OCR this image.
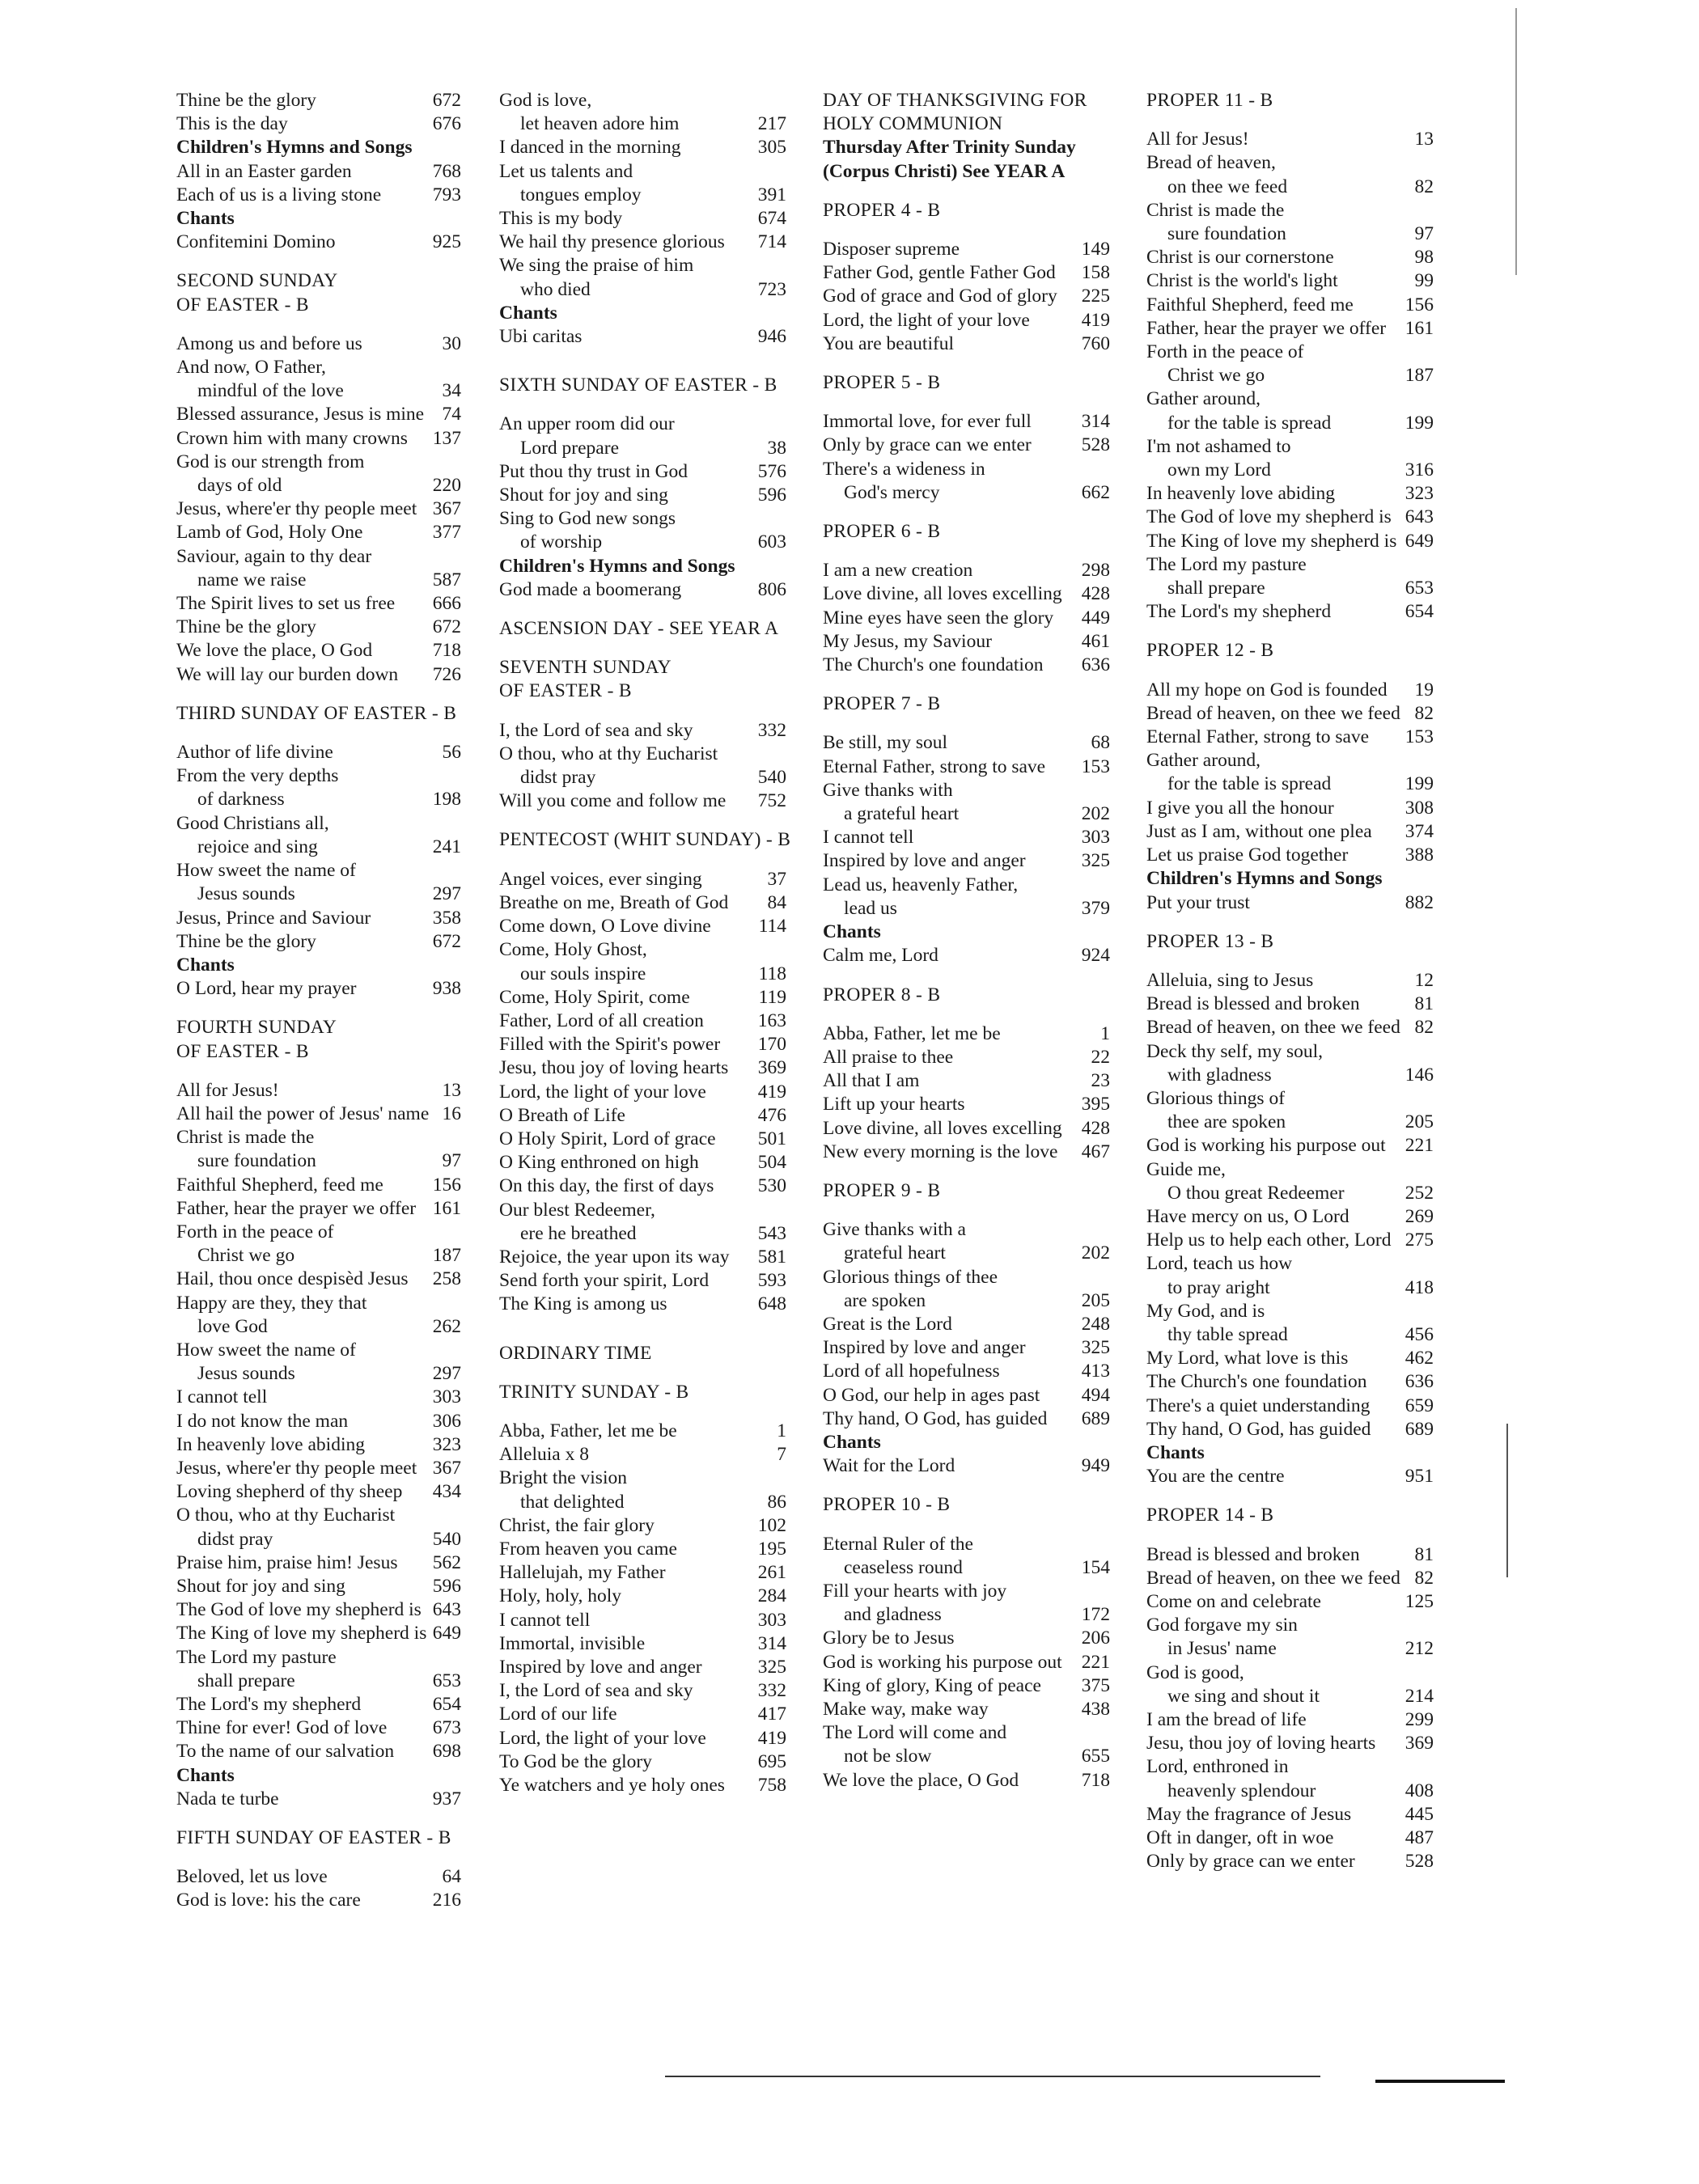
Thine be the glory	672
This is the day	676
Children's Hymns and Songs
All in an Easter garden	768
Each of us is a living stone	793
Chants
Confitemini Domino	925
SECOND SUNDAY
OF EASTER - B
Among us and before us	30
And now, O Father,
mindful of the love	34
Blessed assurance, Jesus is mine 74
Crown him with many crowns 137
God is our strength from
days of old	220
Jesus, where'er thy people meet 367
Lamb of God, Holy One	377
Saviour, again to thy dear
name we raise	587
The Spirit lives to set us free 666
Thine be the glory	672
We love the place, O God	718
We will lay our burden down 726
THIRD SUNDAY OF EASTER - B
Author of life divine	56
From the very depths
of darkness	198
Good Christians all,
rejoice and sing	241
How sweet the name of
Jesus sounds	297
Jesus, Prince and Saviour	358
Thine be the glory	672
Chants
O Lord, hear my prayer	938
FOURTH SUNDAY
OF EASTER - B
All for Jesus!	13
All hail the power of Jesus' name 16
Christ is made the
sure foundation	97
Faithful Shepherd, feed me	156
Father, hear the prayer we offer 161
Forth in the peace of
Christ we go	187
Hail, thou once despisèd Jesus 258
Happy are they, they that
love God	262
How sweet the name of
Jesus sounds	297
I cannot tell	303
I do not know the man	306
In heavenly love abiding	323
Jesus, where'er thy people meet 367
Loving shepherd of thy sheep 434
O thou, who at thy Eucharist
didst pray	540
Praise him, praise him! Jesus 562
Shout for joy and sing	596
The God of love my shepherd is 643
The King of love my shepherd is 649
The Lord my pasture
shall prepare	653
The Lord's my shepherd	654
Thine for ever! God of love 673
To the name of our salvation 698
Chants
Nada te turbe	937
FIFTH SUNDAY OF EASTER - B
Beloved, let us love	64
God is love: his the care	216
God is love,
let heaven adore him	217
I danced in the morning	305
Let us talents and
tongues employ	391
This is my body	674
We hail thy presence glorious 714
We sing the praise of him
who died	723
Chants
Ubi caritas	946
SIXTH SUNDAY OF EASTER - B
An upper room did our
Lord prepare	38
Put thou thy trust in God	576
Shout for joy and sing	596
Sing to God new songs
of worship	603
Children's Hymns and Songs
God made a boomerang	806
ASCENSION DAY - SEE YEAR A
SEVENTH SUNDAY
OF EASTER - B
I, the Lord of sea and sky	332
O thou, who at thy Eucharist
didst pray	540
Will you come and follow me 752
PENTECOST (WHIT SUNDAY) - B
Angel voices, ever singing	37
Breathe on me, Breath of God 84
Come down, O Love divine	114
Come, Holy Ghost,
our souls inspire	118
Come, Holy Spirit, come	119
Father, Lord of all creation	163
Filled with the Spirit's power 170
Jesu, thou joy of loving hearts 369
Lord, the light of your love	419
O Breath of Life	476
O Holy Spirit, Lord of grace 501
O King enthroned on high	504
On this day, the first of days 530
Our blest Redeemer,
ere he breathed	543
Rejoice, the year upon its way 581
Send forth your spirit, Lord	593
The King is among us	648
ORDINARY TIME
TRINITY SUNDAY - B
Abba, Father, let me be	1
Alleluia x 8	7
Bright the vision
that delighted	86
Christ, the fair glory	102
From heaven you came	195
Hallelujah, my Father	261
Holy, holy, holy	284
I cannot tell	303
Immortal, invisible	314
Inspired by love and anger	325
I, the Lord of sea and sky	332
Lord of our life	417
Lord, the light of your love	419
To God be the glory	695
Ye watchers and ye holy ones 758
DAY OF THANKSGIVING FOR
HOLY COMMUNION
Thursday After Trinity Sunday
(Corpus Christi) See YEAR A
PROPER 4 - B
Disposer supreme	149
Father God, gentle Father God 158
God of grace and God of glory 225
Lord, the light of your love	419
You are beautiful	760
PROPER 5 - B
Immortal love, for ever full	314
Only by grace can we enter	528
There's a wideness in
God's mercy	662
PROPER 6 - B
I am a new creation	298
Love divine, all loves excelling 428
Mine eyes have seen the glory 449
My Jesus, my Saviour	461
The Church's one foundation 636
PROPER 7 - B
Be still, my soul	68
Eternal Father, strong to save 153
Give thanks with
a grateful heart	202
I cannot tell	303
Inspired by love and anger	325
Lead us, heavenly Father,
lead us	379
Chants
Calm me, Lord	924
PROPER 8 - B
Abba, Father, let me be	1
All praise to thee	22
All that I am	23
Lift up your hearts	395
Love divine, all loves excelling 428
New every morning is the love 467
PROPER 9 - B
Give thanks with a
grateful heart	202
Glorious things of thee
are spoken	205
Great is the Lord	248
Inspired by love and anger	325
Lord of all hopefulness	413
O God, our help in ages past 494
Thy hand, O God, has guided 689
Chants
Wait for the Lord	949
PROPER 10 - B
Eternal Ruler of the
ceaseless round	154
Fill your hearts with joy
and gladness	172
Glory be to Jesus	206
God is working his purpose out 221
King of glory, King of peace 375
Make way, make way	438
The Lord will come and
not be slow	655
We love the place, O God	718
PROPER 11 - B
All for Jesus!	13
Bread of heaven,
on thee we feed	82
Christ is made the
sure foundation	97
Christ is our cornerstone	98
Christ is the world's light	99
Faithful Shepherd, feed me	156
Father, hear the prayer we offer 161
Forth in the peace of
Christ we go	187
Gather around,
for the table is spread	199
I'm not ashamed to
own my Lord	316
In heavenly love abiding	323
The God of love my shepherd is 643
The King of love my shepherd is 649
The Lord my pasture
shall prepare	653
The Lord's my shepherd	654
PROPER 12 - B
All my hope on God is founded 19
Bread of heaven, on thee we feed 82
Eternal Father, strong to save 153
Gather around,
for the table is spread	199
I give you all the honour	308
Just as I am, without one plea 374
Let us praise God together	388
Children's Hymns and Songs
Put your trust	882
PROPER 13 - B
Alleluia, sing to Jesus	12
Bread is blessed and broken	81
Bread of heaven, on thee we feed 82
Deck thy self, my soul,
with gladness	146
Glorious things of
thee are spoken	205
God is working his purpose out 221
Guide me,
O thou great Redeemer	252
Have mercy on us, O Lord	269
Help us to help each other, Lord 275
Lord, teach us how
to pray aright	418
My God, and is
thy table spread	456
My Lord, what love is this	462
The Church's one foundation 636
There's a quiet understanding 659
Thy hand, O God, has guided 689
Chants
You are the centre	951
PROPER 14 - B
Bread is blessed and broken	81
Bread of heaven, on thee we feed 82
Come on and celebrate	125
God forgave my sin
in Jesus' name	212
God is good,
we sing and shout it	214
I am the bread of life	299
Jesu, thou joy of loving hearts 369
Lord, enthroned in
heavenly splendour	408
May the fragrance of Jesus	445
Oft in danger, oft in woe	487
Only by grace can we enter	528
